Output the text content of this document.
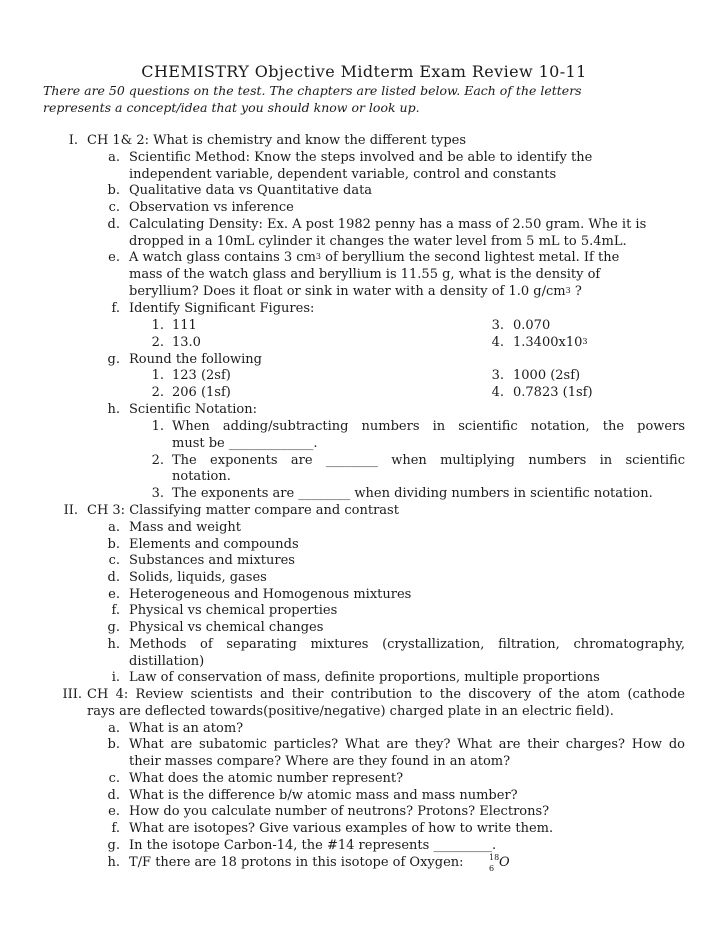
CHEMISTRY Objective Midterm Exam Review 10-11
There are 50 questions on the test. The chapters are listed below. Each of the letters
represents a concept/idea that you should know or look up.
I. CH 1& 2: What is chemistry and know the different types
a. Scientific Method: Know the steps involved and be able to identify the
independent variable, dependent variable, control and constants
b. Qualitative data vs Quantitative data
c. Observation vs inference
d. Calculating Density: Ex. A post 1982 penny has a mass of 2.50 gram. Whe it is
dropped in a 10mL cylinder it changes the water level from 5 mL to 5.4mL.
e. A watch glass contains 3 $cm^3$ of beryllium the second lightest metal. If the
mass of the watch glass and beryllium is 11.55 g, what is the density of
beryllium? Does it float or sink in water with a density of 1.0 $g/cm^3$ ?
f. Identify Significant Figures:
1. 111	3. 0.070
2. 13.0	4. $1.3400x10^3$
g. Round the following
1. 123 (2sf)	3. 1000 (2sf)
2. 206 (1sf)	4. 0.7823 (1sf)
h. Scientific Notation:
1. When adding/subtracting numbers in scientific notation, the powers
must be _____________.
2. The exponents are ________ when multiplying numbers in scientific
notation.
3. The exponents are ________ when dividing numbers in scientific notation.
II. CH 3: Classifying matter compare and contrast
a. Mass and weight
b. Elements and compounds
c. Substances and mixtures
d. Solids, liquids, gases
e. Heterogeneous and Homogenous mixtures
f. Physical vs chemical properties
g. Physical vs chemical changes
h. Methods of separating mixtures (crystallization, filtration, chromatography,
distillation)
i. Law of conservation of mass, definite proportions, multiple proportions
III. CH 4: Review scientists and their contribution to the discovery of the atom (cathode
rays are deflected towards(positive/negative) charged plate in an electric field).
a. What is an atom?
b. What are subatomic particles? What are they? What are their charges? How do
their masses compare? Where are they found in an atom?
c. What does the atomic number represent?
d. What is the difference b/w atomic mass and mass number?
e. How do you calculate number of neutrons? Protons? Electrons?
f. What are isotopes? Give various examples of how to write them.
g. In the isotope Carbon-14, the #14 represents _________.
h. T/F there are 18 protons in this isotope of Oxygen:	18
6 O
